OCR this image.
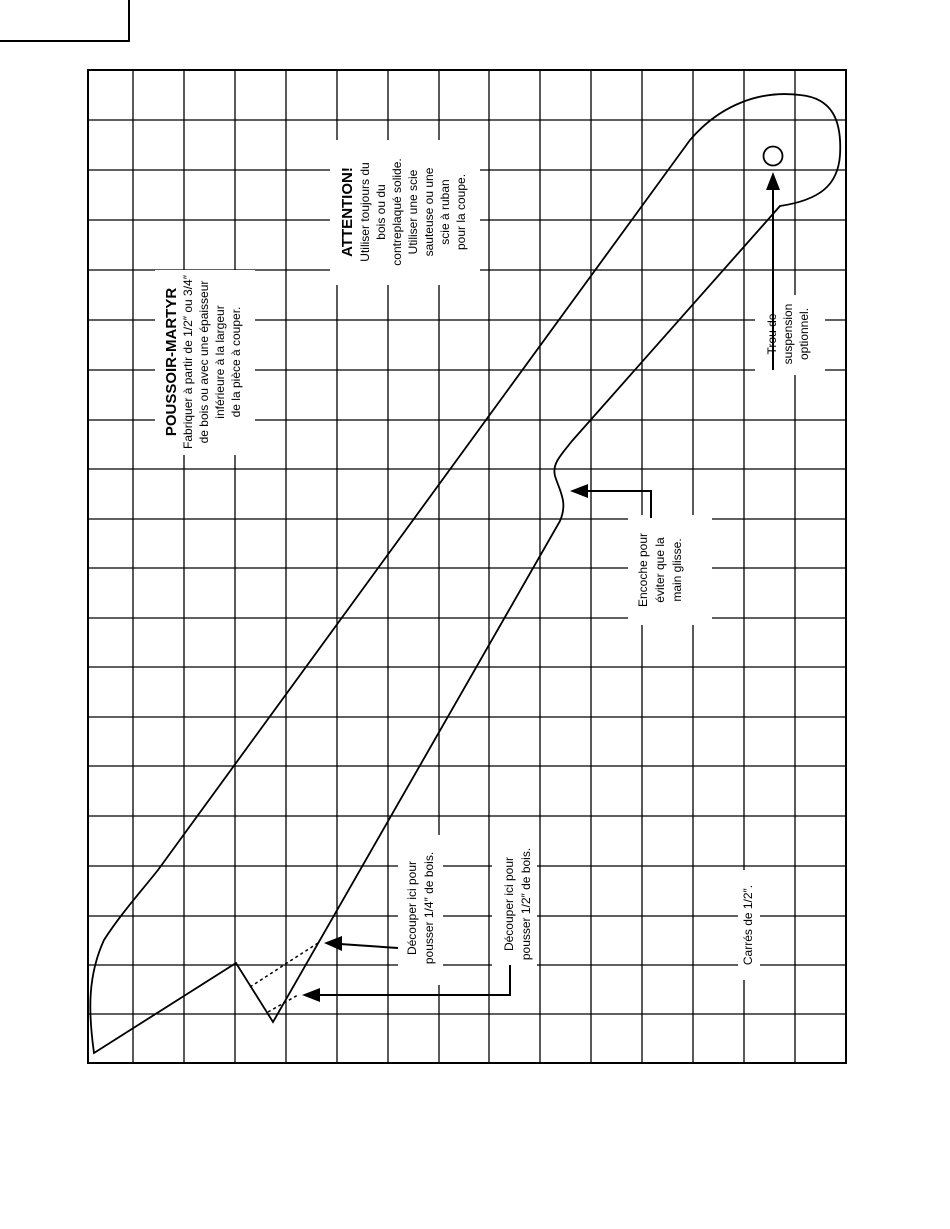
POUSSOIR-MARTYR Fabriquer à partir de 1/2″ ou 3/4″ de bois ou avec une épaisseur inférieure à la largeur de la pièce à couper.
ATTENTION! Utiliser toujours du bois ou du contreplaqué solide. Utiliser une scie sauteuse ou une scie à ruban pour la coupe.
Trou de suspension optionnel.
Encoche pour éviter que la main glisse.
Découper ici pour pousser 1/4″ de bois.	Découper ici pour pousser 1/2″ de bois.	Carrés de 1/2″.
